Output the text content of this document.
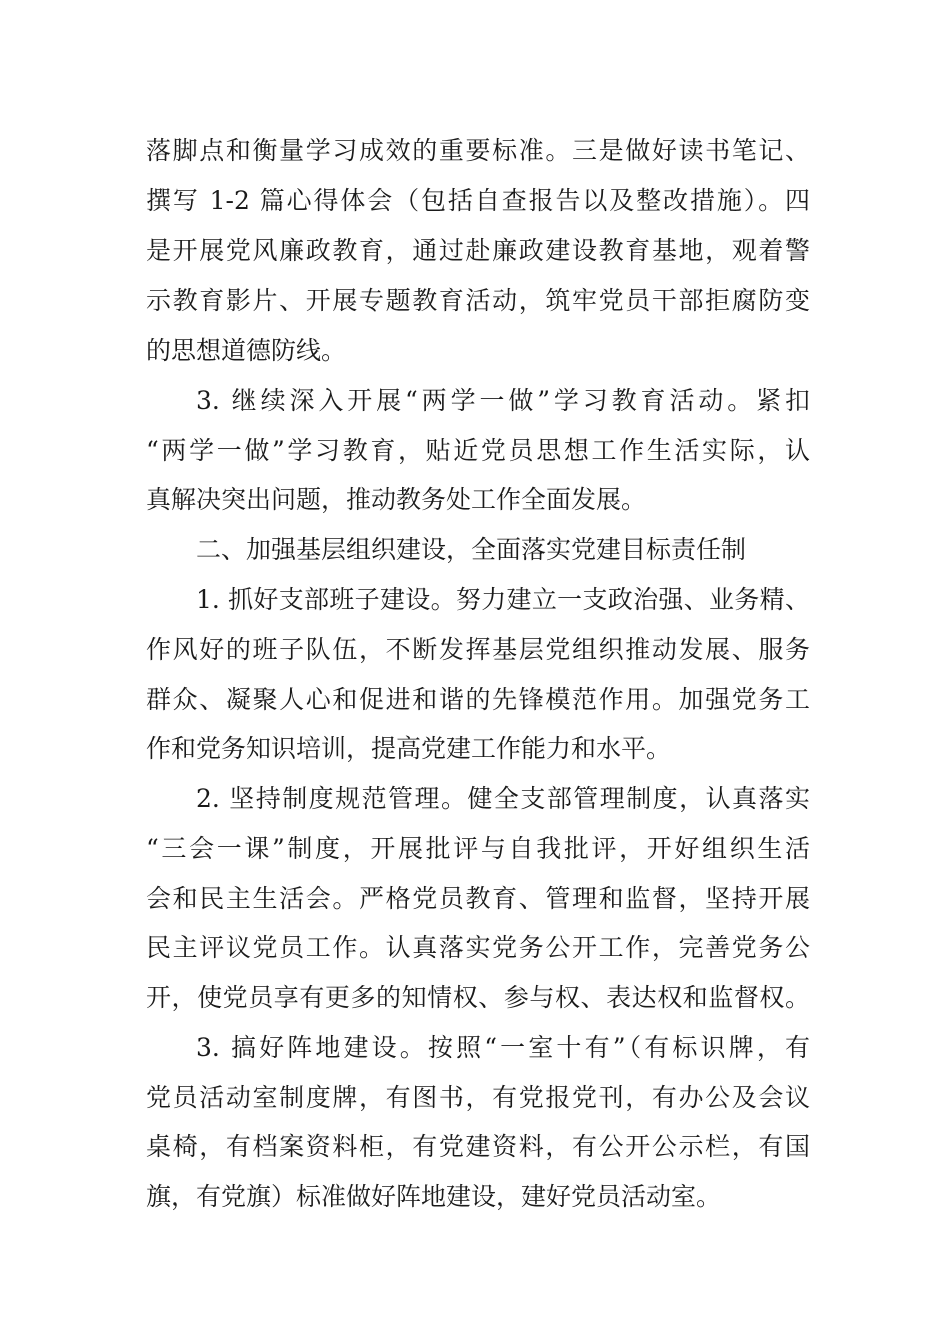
落脚点和衡量学习成效的重要标准。三是做好读书笔记、
撰写 1-2 篇心得体会（包括自查报告以及整改措施）。四
是开展党风廉政教育，通过赴廉政建设教育基地，观着警
示教育影片、开展专题教育活动，筑牢党员干部拒腐防变
的思想道德防线。
3. 继续深入开展“两学一做”学习教育活动。紧扣
“两学一做”学习教育，贴近党员思想工作生活实际，认
真解决突出问题，推动教务处工作全面发展。
二、加强基层组织建设，全面落实党建目标责任制
1. 抓好支部班子建设。努力建立一支政治强、业务精、
作风好的班子队伍，不断发挥基层党组织推动发展、服务
群众、凝聚人心和促进和谐的先锋模范作用。加强党务工
作和党务知识培训，提高党建工作能力和水平。
2. 坚持制度规范管理。健全支部管理制度，认真落实
“三会一课”制度，开展批评与自我批评，开好组织生活
会和民主生活会。严格党员教育、管理和监督，坚持开展
民主评议党员工作。认真落实党务公开工作，完善党务公
开，使党员享有更多的知情权、参与权、表达权和监督权。
3. 搞好阵地建设。按照“一室十有”（有标识牌，有
党员活动室制度牌，有图书，有党报党刊，有办公及会议
桌椅，有档案资料柜，有党建资料，有公开公示栏，有国
旗，有党旗）标准做好阵地建设，建好党员活动室。
